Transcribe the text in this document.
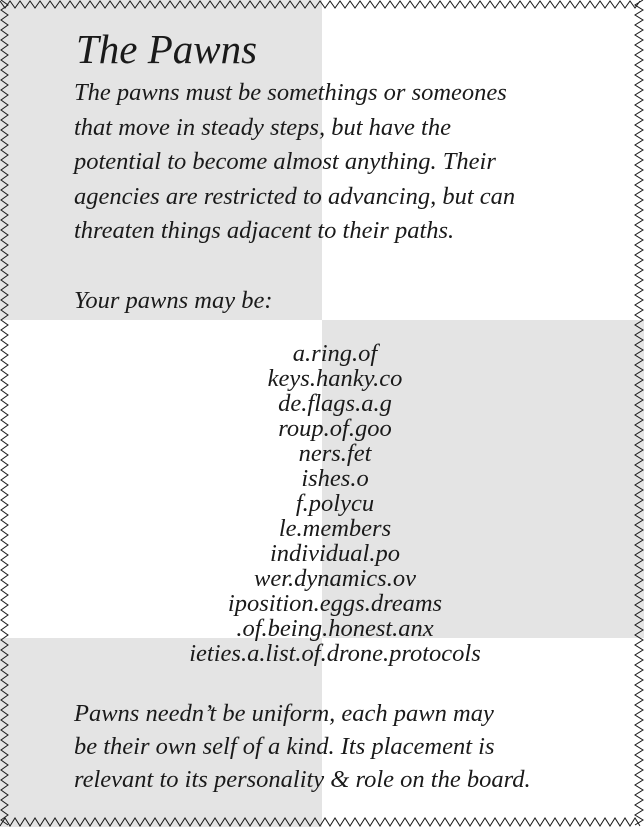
The Pawns

The pawns must be somethings or someones
that move in steady steps, but have the
potential to become almost anything. Their
agencies are restricted to advancing, but can
threaten things adjacent to their paths.

Your pawns may be:

a.ring.of
keys.hanky.co
de.flags.a.g
roup.of.goo
ners.fet
ishes.o
f.polycu
le.members
individual.po
wer.dynamics.ov
iposition.eggs.dreams
.of.being.honest.anx
ieties.a.list.of.drone.protocols

Pawns needn’t be uniform, each pawn may
be their own self of a kind. Its placement is
relevant to its personality & role on the board.
